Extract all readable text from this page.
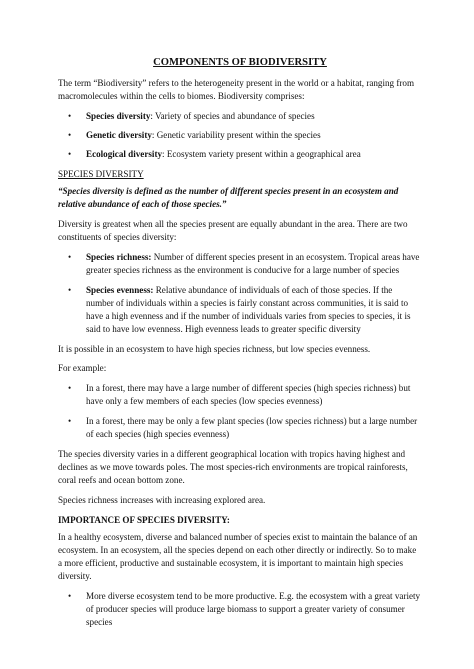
COMPONENTS OF BIODIVERSITY

The term “Biodiversity” refers to the heterogeneity present in the world or a habitat, ranging from macromolecules within the cells to biomes. Biodiversity comprises:

• Species diversity: Variety of species and abundance of species
• Genetic diversity: Genetic variability present within the species
• Ecological diversity: Ecosystem variety present within a geographical area

SPECIES DIVERSITY

“Species diversity is defined as the number of different species present in an ecosystem and relative abundance of each of those species.”

Diversity is greatest when all the species present are equally abundant in the area. There are two constituents of species diversity:

• Species richness: Number of different species present in an ecosystem. Tropical areas have greater species richness as the environment is conducive for a large number of species
• Species evenness: Relative abundance of individuals of each of those species. If the number of individuals within a species is fairly constant across communities, it is said to have a high evenness and if the number of individuals varies from species to species, it is said to have low evenness. High evenness leads to greater specific diversity

It is possible in an ecosystem to have high species richness, but low species evenness.

For example:

• In a forest, there may have a large number of different species (high species richness) but have only a few members of each species (low species evenness)
• In a forest, there may be only a few plant species (low species richness) but a large number of each species (high species evenness)

The species diversity varies in a different geographical location with tropics having highest and declines as we move towards poles. The most species-rich environments are tropical rainforests, coral reefs and ocean bottom zone.

Species richness increases with increasing explored area.

IMPORTANCE OF SPECIES DIVERSITY:

In a healthy ecosystem, diverse and balanced number of species exist to maintain the balance of an ecosystem. In an ecosystem, all the species depend on each other directly or indirectly. So to make a more efficient, productive and sustainable ecosystem, it is important to maintain high species diversity.

• More diverse ecosystem tend to be more productive. E.g. the ecosystem with a great variety of producer species will produce large biomass to support a greater variety of consumer species
